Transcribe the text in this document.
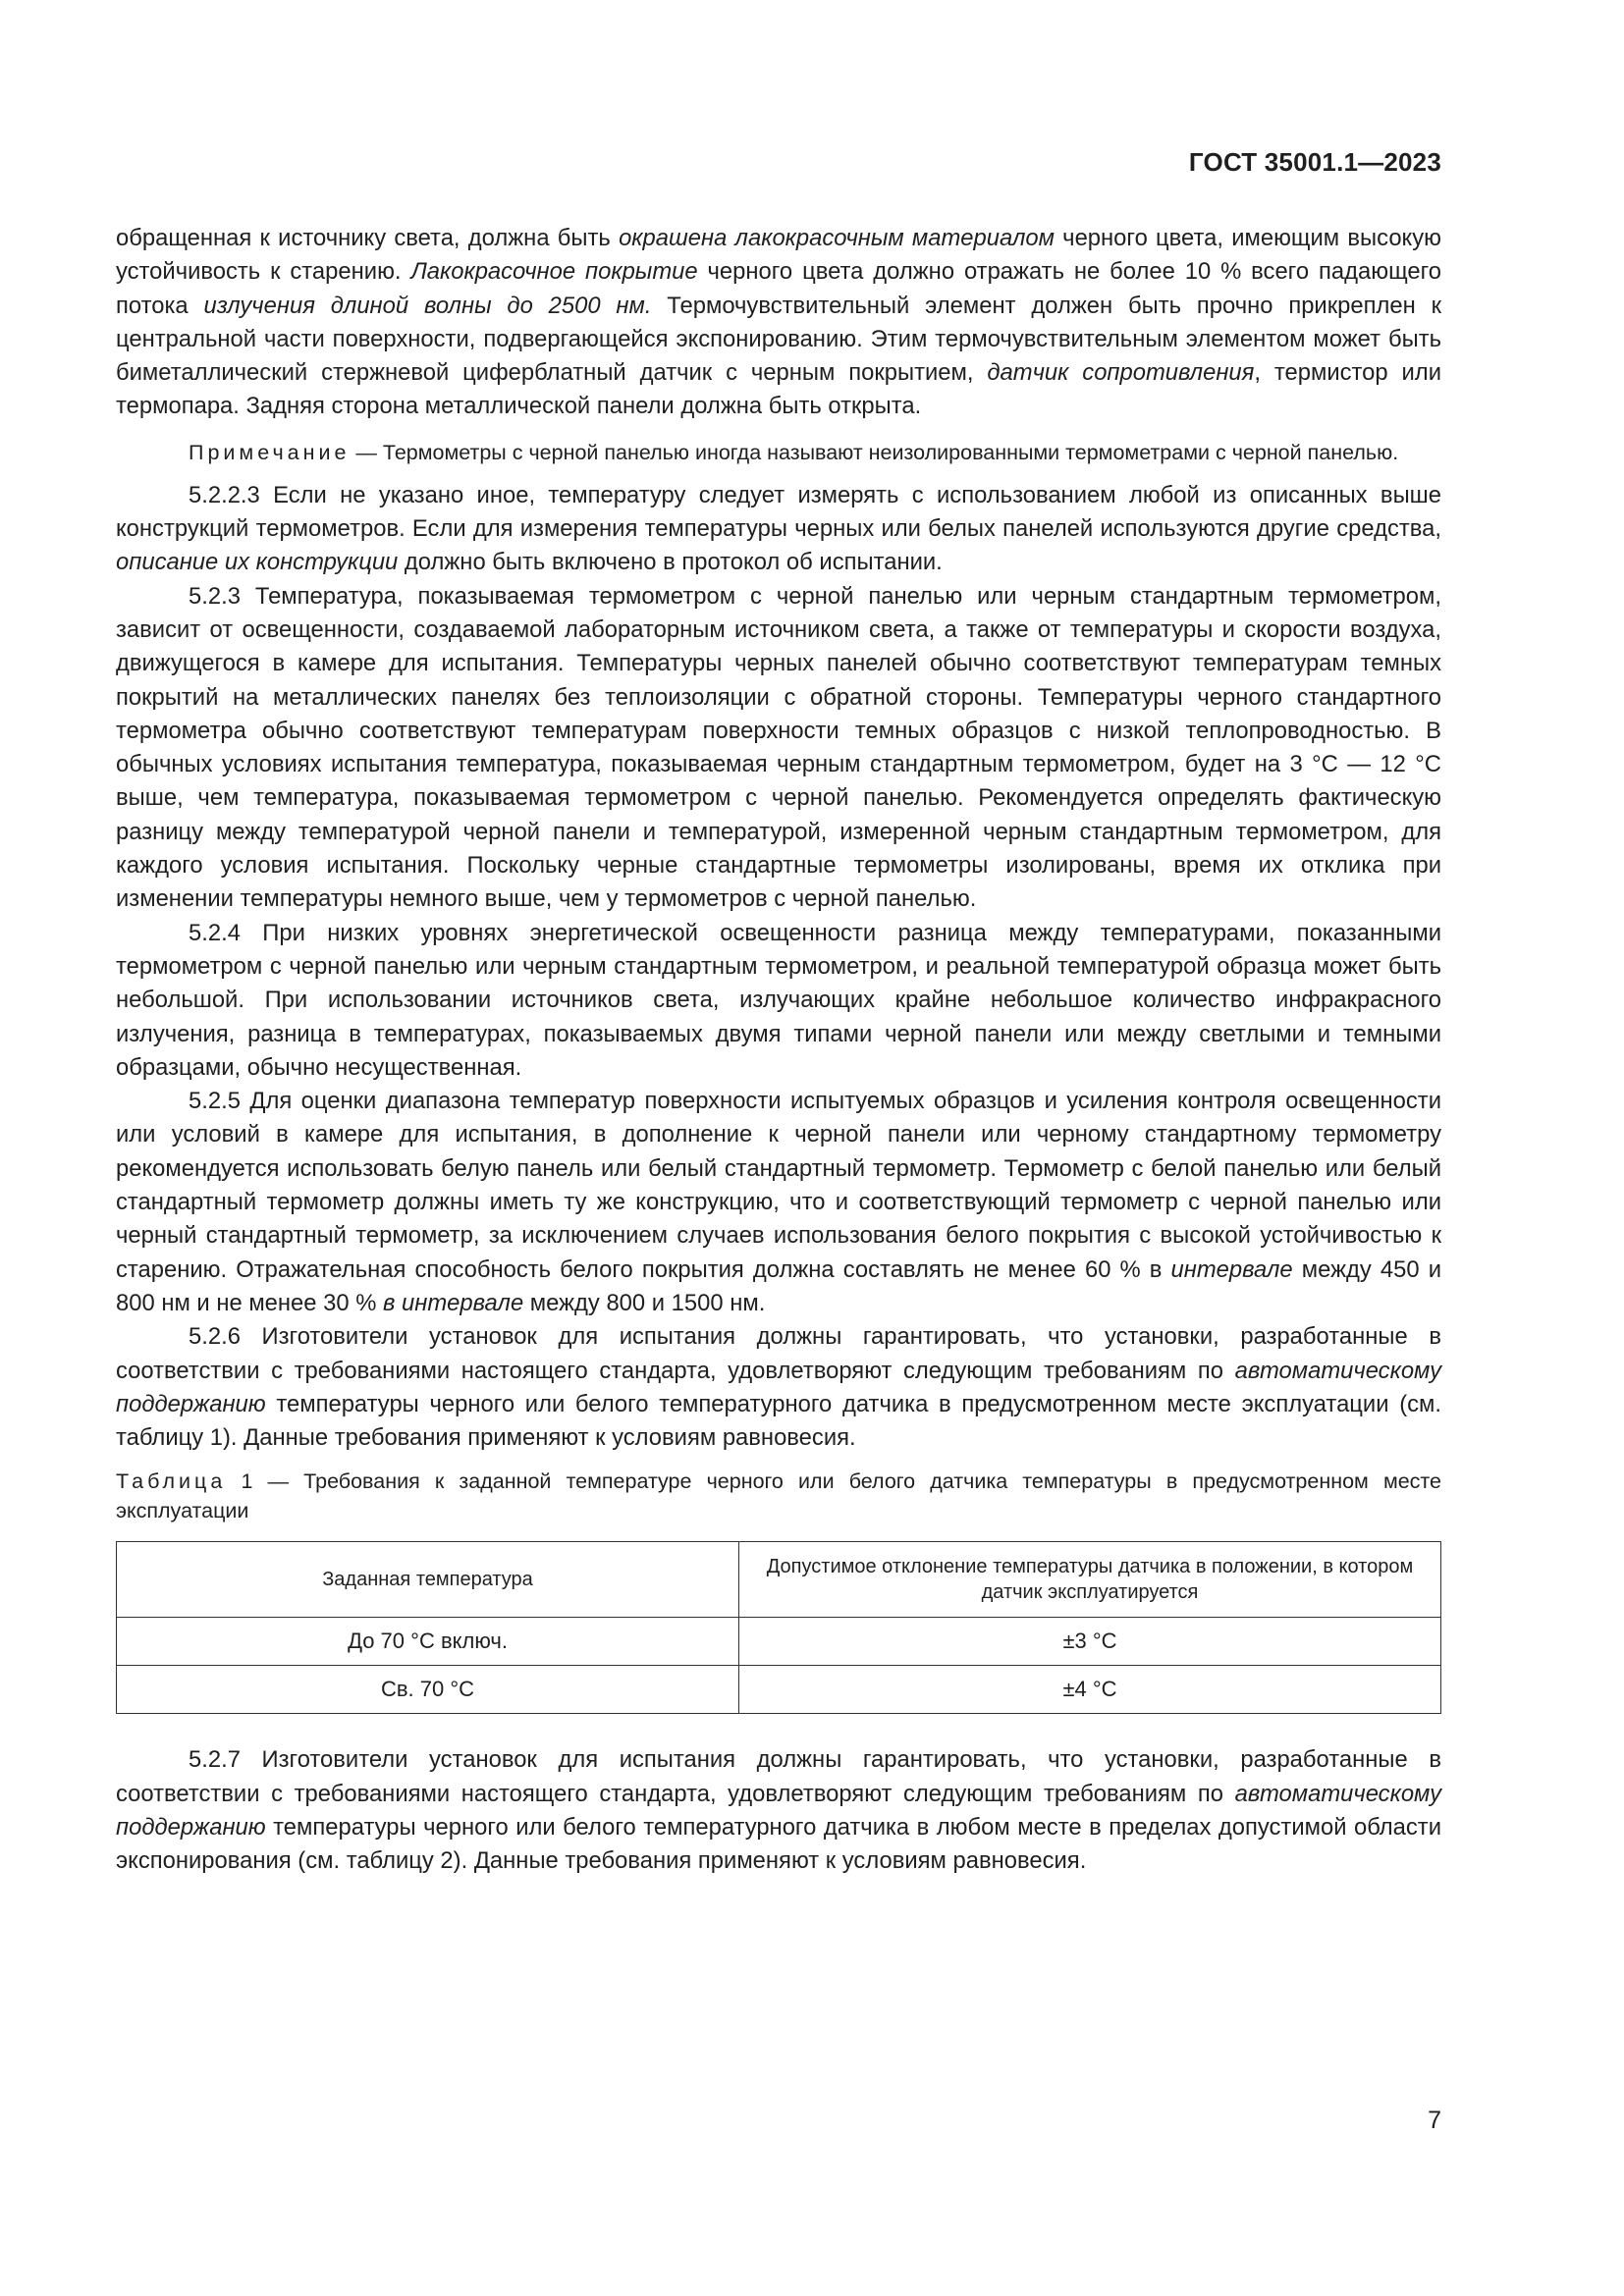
ГОСТ 35001.1—2023

обращенная к источнику света, должна быть окрашена лакокрасочным материалом черного цвета, имеющим высокую устойчивость к старению. Лакокрасочное покрытие черного цвета должно отражать не более 10 % всего падающего потока излучения длиной волны до 2500 нм. Термочувствительный элемент должен быть прочно прикреплен к центральной части поверхности, подвергающейся экспонированию. Этим термочувствительным элементом может быть биметаллический стержневой циферблатный датчик с черным покрытием, датчик сопротивления, термистор или термопара. Задняя сторона металлической панели должна быть открыта.

Примечание — Термометры с черной панелью иногда называют неизолированными термометрами с черной панелью.

5.2.2.3 Если не указано иное, температуру следует измерять с использованием любой из описанных выше конструкций термометров. Если для измерения температуры черных или белых панелей используются другие средства, описание их конструкции должно быть включено в протокол об испытании.

5.2.3 Температура, показываемая термометром с черной панелью или черным стандартным термометром, зависит от освещенности, создаваемой лабораторным источником света, а также от температуры и скорости воздуха, движущегося в камере для испытания. Температуры черных панелей обычно соответствуют температурам темных покрытий на металлических панелях без теплоизоляции с обратной стороны. Температуры черного стандартного термометра обычно соответствуют температурам поверхности темных образцов с низкой теплопроводностью. В обычных условиях испытания температура, показываемая черным стандартным термометром, будет на 3 °C — 12 °C выше, чем температура, показываемая термометром с черной панелью. Рекомендуется определять фактическую разницу между температурой черной панели и температурой, измеренной черным стандартным термометром, для каждого условия испытания. Поскольку черные стандартные термометры изолированы, время их отклика при изменении температуры немного выше, чем у термометров с черной панелью.

5.2.4 При низких уровнях энергетической освещенности разница между температурами, показанными термометром с черной панелью или черным стандартным термометром, и реальной температурой образца может быть небольшой. При использовании источников света, излучающих крайне небольшое количество инфракрасного излучения, разница в температурах, показываемых двумя типами черной панели или между светлыми и темными образцами, обычно несущественная.

5.2.5 Для оценки диапазона температур поверхности испытуемых образцов и усиления контроля освещенности или условий в камере для испытания, в дополнение к черной панели или черному стандартному термометру рекомендуется использовать белую панель или белый стандартный термометр. Термометр с белой панелью или белый стандартный термометр должны иметь ту же конструкцию, что и соответствующий термометр с черной панелью или черный стандартный термометр, за исключением случаев использования белого покрытия с высокой устойчивостью к старению. Отражательная способность белого покрытия должна составлять не менее 60 % в интервале между 450 и 800 нм и не менее 30 % в интервале между 800 и 1500 нм.

5.2.6 Изготовители установок для испытания должны гарантировать, что установки, разработанные в соответствии с требованиями настоящего стандарта, удовлетворяют следующим требованиям по автоматическому поддержанию температуры черного или белого температурного датчика в предусмотренном месте эксплуатации (см. таблицу 1). Данные требования применяют к условиям равновесия.

Таблица 1 — Требования к заданной температуре черного или белого датчика температуры в предусмотренном месте эксплуатации
Заданная температура	Допустимое отклонение температуры датчика в положении, в котором датчик эксплуатируется
До 70 °С включ.	±3 °С
Св. 70 °С	±4 °С

5.2.7 Изготовители установок для испытания должны гарантировать, что установки, разработанные в соответствии с требованиями настоящего стандарта, удовлетворяют следующим требованиям по автоматическому поддержанию температуры черного или белого температурного датчика в любом месте в пределах допустимой области экспонирования (см. таблицу 2). Данные требования применяют к условиям равновесия.

7
